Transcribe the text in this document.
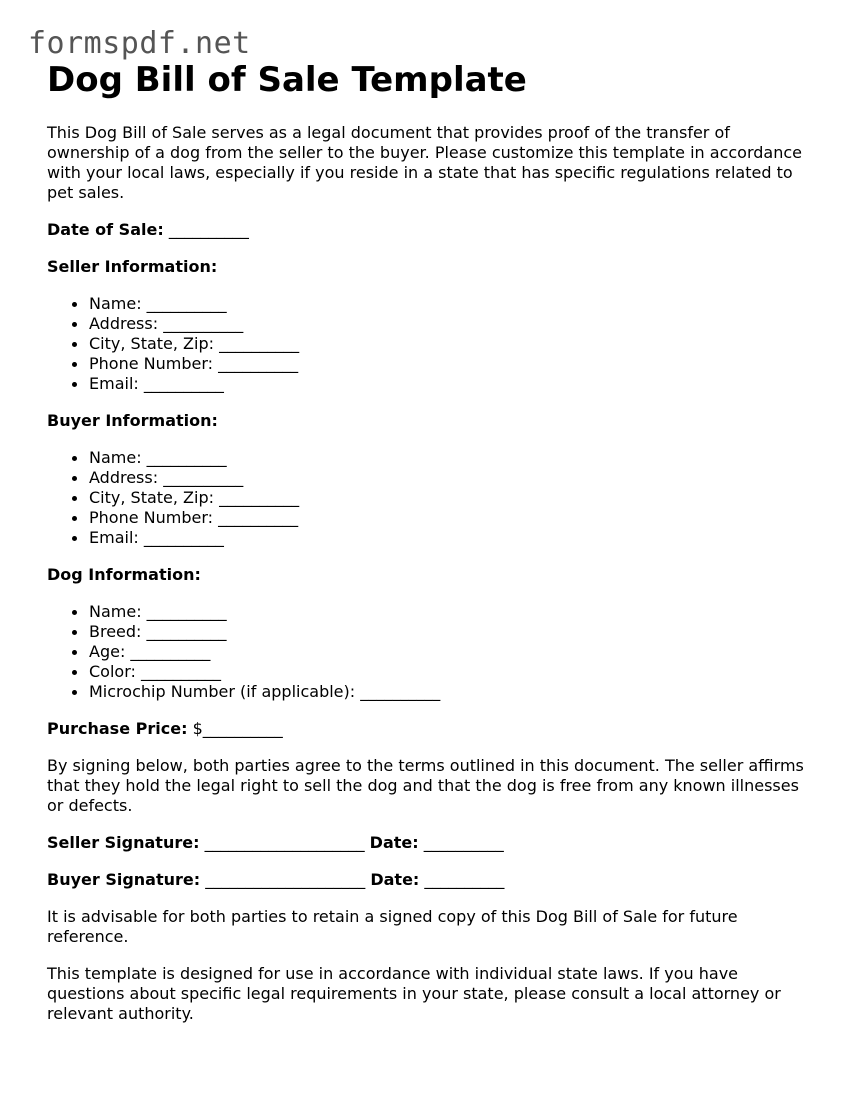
formspdf.net
Dog Bill of Sale Template

This Dog Bill of Sale serves as a legal document that provides proof of the transfer of ownership of a dog from the seller to the buyer. Please customize this template in accordance with your local laws, especially if you reside in a state that has specific regulations related to pet sales.

Date of Sale: __________
Seller Information:
Name: __________
Address: __________
City, State, Zip: __________
Phone Number: __________
Email: __________
Buyer Information:
Name: __________
Address: __________
City, State, Zip: __________
Phone Number: __________
Email: __________
Dog Information:
Name: __________
Breed: __________
Age: __________
Color: __________
Microchip Number (if applicable): __________
Purchase Price: $__________

By signing below, both parties agree to the terms outlined in this document. The seller affirms that they hold the legal right to sell the dog and that the dog is free from any known illnesses or defects.

Seller Signature: ____________________ Date: __________
Buyer Signature: ____________________ Date: __________

It is advisable for both parties to retain a signed copy of this Dog Bill of Sale for future reference.

This template is designed for use in accordance with individual state laws. If you have questions about specific legal requirements in your state, please consult a local attorney or relevant authority.
